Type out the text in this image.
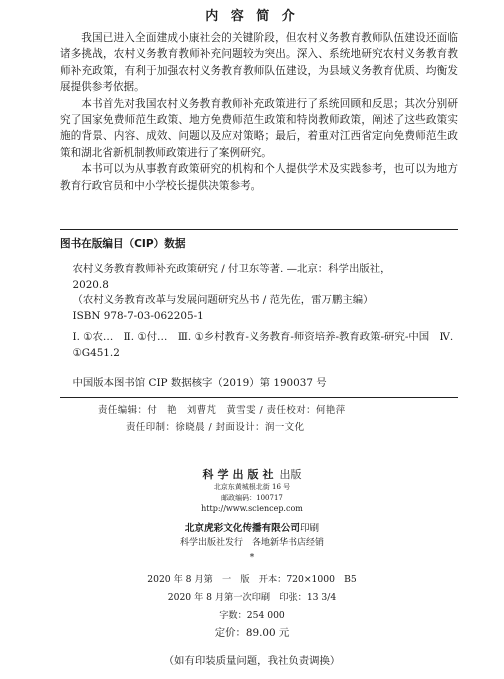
内 容 简 介

我国已进入全面建成小康社会的关键阶段，但农村义务教育教师队伍建设还面临诸多挑战，农村义务教育教师补充问题较为突出。深入、系统地研究农村义务教育教师补充政策，有利于加强农村义务教育教师队伍建设，为县域义务教育优质、均衡发展提供参考依据。

本书首先对我国农村义务教育教师补充政策进行了系统回顾和反思；其次分别研究了国家免费师范生政策、地方免费师范生政策和特岗教师政策，阐述了这些政策实施的背景、内容、成效、问题以及应对策略；最后，着重对江西省定向免费师范生政策和湖北省新机制教师政策进行了案例研究。

本书可以为从事教育政策研究的机构和个人提供学术及实践参考，也可以为地方教育行政官员和中小学校长提供决策参考。

图书在版编目（CIP）数据
农村义务教育教师补充政策研究 / 付卫东等著. —北京：科学出版社，
2020.8
（农村义务教育改革与发展问题研究丛书 / 范先佐，雷万鹏主编）
ISBN 978-7-03-062205-1
Ⅰ. ①农…　Ⅱ. ①付…　Ⅲ. ①乡村教育-义务教育-师资培养-教育政策-研究-中国　Ⅳ. ①G451.2
中国版本图书馆 CIP 数据核字（2019）第 190037 号
责任编辑：付　艳　刘曹芃　黄雪雯 / 责任校对：何艳萍
责任印制：徐晓晨 / 封面设计：润一文化
科学出版社 出版
北京东黄城根北街 16 号
邮政编码：100717
http://www.sciencep.com
北京虎彩文化传播有限公司印刷
科学出版社发行　各地新华书店经销
*
2020 年 8 月第　一　版　开本：720×1000　B5
2020 年 8 月第一次印刷　印张：13 3/4
字数：254 000
定价：89.00 元
（如有印装质量问题，我社负责调换）
